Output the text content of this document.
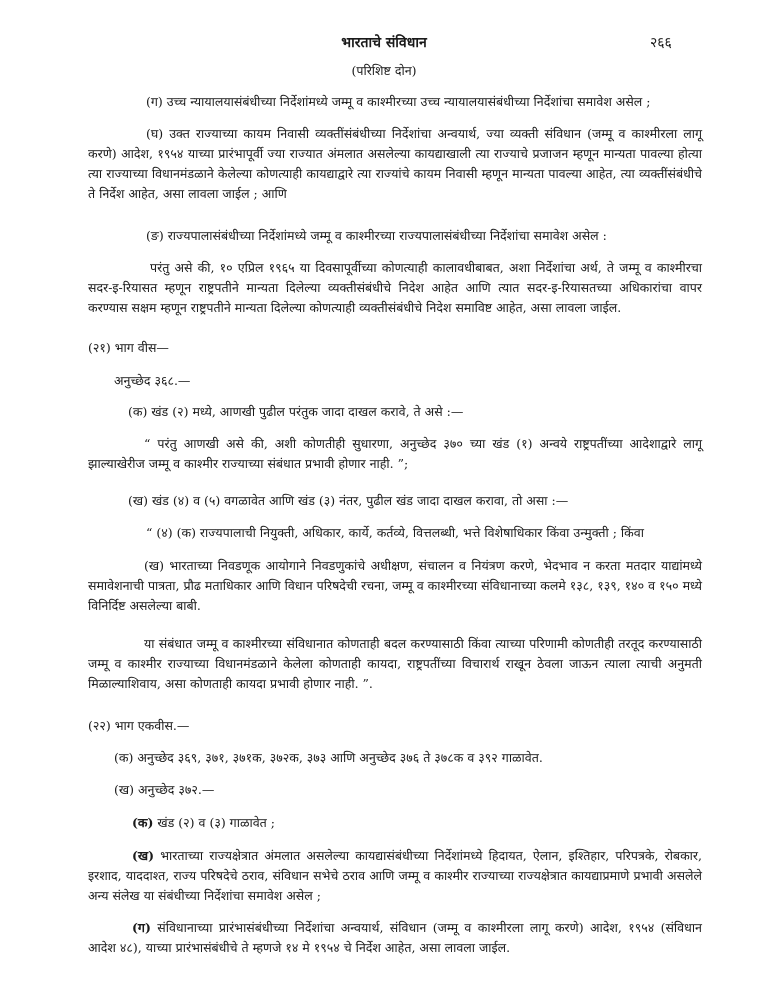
भारताचे संविधान	२६६
(परिशिष्ट दोन)
(ग) उच्च न्यायालयासंबंधीच्या निर्देशांमध्ये जम्मू व काश्मीरच्या उच्च न्यायालयासंबंधीच्या निर्देशांचा समावेश असेल ;
(घ) उक्त राज्याच्या कायम निवासी व्यक्तींसंबंधीच्या निर्देशांचा अन्वयार्थ, ज्या व्यक्ती संविधान (जम्मू व काश्मीरला लागू करणे) आदेश, १९५४ याच्या प्रारंभापूर्वी ज्या राज्यात अंमलात असलेल्या कायद्याखाली त्या राज्याचे प्रजाजन म्हणून मान्यता पावल्या होत्या त्या राज्याच्या विधानमंडळाने केलेल्या कोणत्याही कायद्याद्वारे त्या राज्यांचे कायम निवासी म्हणून मान्यता पावल्या आहेत, त्या व्यक्तींसंबंधीचे ते निर्देश आहेत, असा लावला जाईल ; आणि
(ङ) राज्यपालासंबंधीच्या निर्देशांमध्ये जम्मू व काश्मीरच्या राज्यपालासंबंधीच्या निर्देशांचा समावेश असेल :
परंतु असे की, १० एप्रिल १९६५ या दिवसापूर्वीच्या कोणत्याही कालावधीबाबत, अशा निर्देशांचा अर्थ, ते जम्मू व काश्मीरचा सदर-इ-रियासत म्हणून राष्ट्रपतीने मान्यता दिलेल्या व्यक्तीसंबंधीचे निदेश आहेत आणि त्यात सदर-इ-रियासतच्या अधिकारांचा वापर करण्यास सक्षम म्हणून राष्ट्रपतीने मान्यता दिलेल्या कोणत्याही व्यक्तीसंबंधीचे निदेश समाविष्ट आहेत, असा लावला जाईल.
(२१) भाग वीस—
अनुच्छेद ३६८.—
(क) खंड (२) मध्ये, आणखी पुढील परंतुक जादा दाखल करावे, ते असे :—
“ परंतु आणखी असे की, अशी कोणतीही सुधारणा, अनुच्छेद ३७० च्या खंड (१) अन्वये राष्ट्रपतींच्या आदेशाद्वारे लागू झाल्याखेरीज जम्मू व काश्मीर राज्याच्या संबंधात प्रभावी होणार नाही. ”;
(ख) खंड (४) व (५) वगळावेत आणि खंड (३) नंतर, पुढील खंड जादा दाखल करावा, तो असा :—
“ (४) (क) राज्यपालाची नियुक्ती, अधिकार, कार्ये, कर्तव्ये, वित्तलब्धी, भत्ते विशेषाधिकार किंवा उन्मुक्ती ; किंवा
(ख) भारताच्या निवडणूक आयोगाने निवडणुकांचे अधीक्षण, संचालन व नियंत्रण करणे, भेदभाव न करता मतदार याद्यांमध्ये समावेशनाची पात्रता, प्रौढ मताधिकार आणि विधान परिषदेची रचना, जम्मू व काश्मीरच्या संविधानाच्या कलमे १३८, १३९, १४० व १५० मध्ये विनिर्दिष्ट असलेल्या बाबी.
या संबंधात जम्मू व काश्मीरच्या संविधानात कोणताही बदल करण्यासाठी किंवा त्याच्या परिणामी कोणतीही तरतूद करण्यासाठी जम्मू व काश्मीर राज्याच्या विधानमंडळाने केलेला कोणताही कायदा, राष्ट्रपतींच्या विचारार्थ राखून ठेवला जाऊन त्याला त्याची अनुमती मिळाल्याशिवाय, असा कोणताही कायदा प्रभावी होणार नाही. ”.
(२२) भाग एकवीस.—
(क) अनुच्छेद ३६९, ३७१, ३७१क, ३७२क, ३७३ आणि अनुच्छेद ३७६ ते ३७८क व ३९२ गाळावेत.
(ख) अनुच्छेद ३७२.—
(क) खंड (२) व (३) गाळावेत ;
(ख) भारताच्या राज्यक्षेत्रात अंमलात असलेल्या कायद्यासंबंधीच्या निर्देशांमध्ये हिदायत, ऐलान, इश्तिहार, परिपत्रके, रोबकार, इरशाद, याददाश्त, राज्य परिषदेचे ठराव, संविधान सभेचे ठराव आणि जम्मू व काश्मीर राज्याच्या राज्यक्षेत्रात कायद्याप्रमाणे प्रभावी असलेले अन्य संलेख या संबंधीच्या निर्देशांचा समावेश असेल ;
(ग) संविधानाच्या प्रारंभासंबंधीच्या निर्देशांचा अन्वयार्थ, संविधान (जम्मू व काश्मीरला लागू करणे) आदेश, १९५४ (संविधान आदेश ४८), याच्या प्रारंभासंबंधीचे ते म्हणजे १४ मे १९५४ चे निर्देश आहेत, असा लावला जाईल.
